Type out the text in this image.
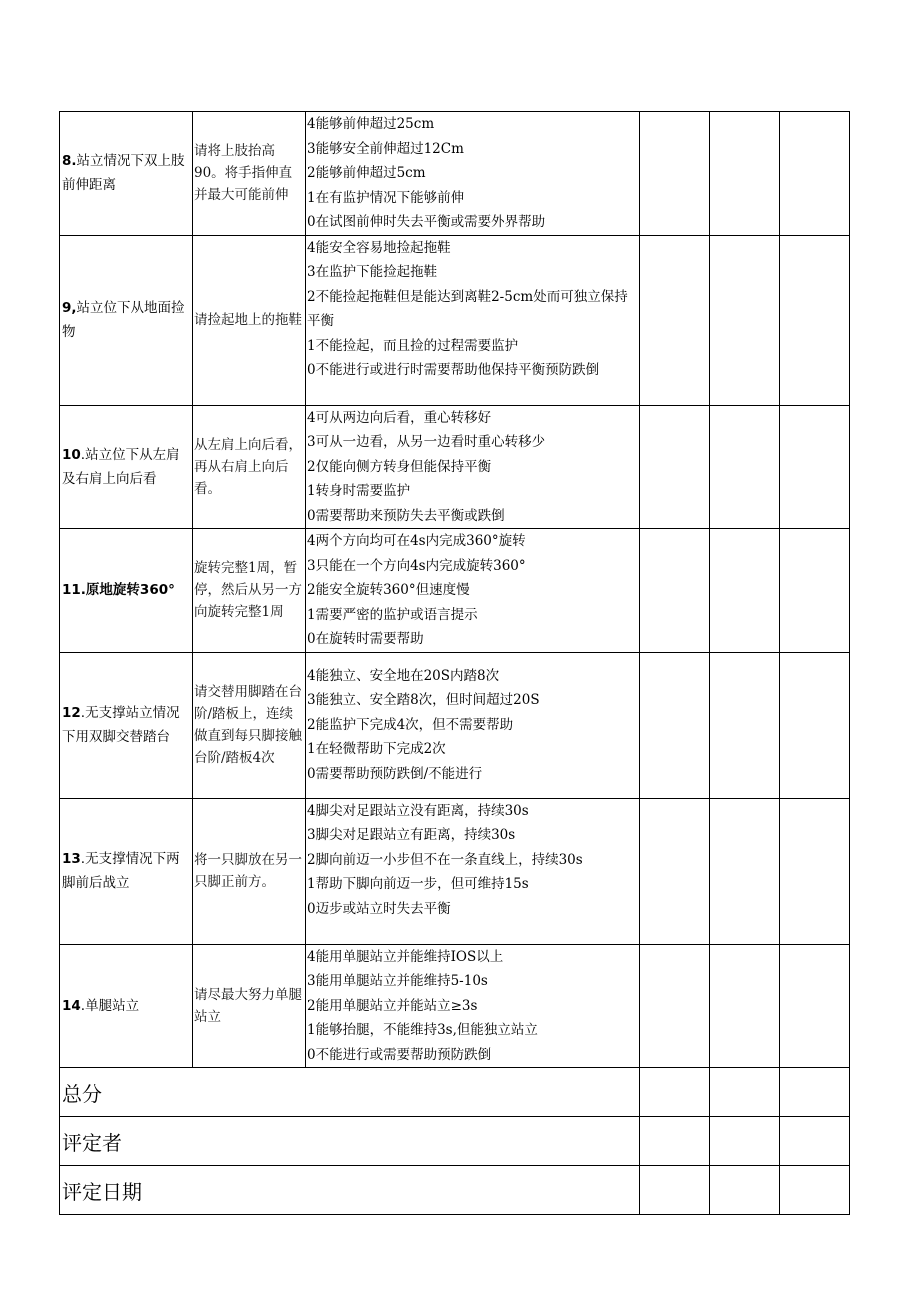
8.站立情况下双上肢前伸距离	请将上肢抬高90。将手指伸直并最大可能前伸	4能够前伸超过25cm
3能够安全前伸超过12Cm
2能够前伸超过5cm
1在有监护情况下能够前伸
0在试图前伸时失去平衡或需要外界帮助			

9,站立位下从地面捡物	请捡起地上的拖鞋	4能安全容易地捡起拖鞋
3在监护下能捡起拖鞋
2不能捡起拖鞋但是能达到离鞋2-5cm处而可独立保持平衡
1不能捡起，而且捡的过程需要监护
0不能进行或进行时需要帮助他保持平衡预防跌倒			

10.站立位下从左肩及右肩上向后看	从左肩上向后看，再从右肩上向后看。	4可从两边向后看，重心转移好
3可从一边看，从另一边看时重心转移少
2仅能向侧方转身但能保持平衡
1转身时需要监护
0需要帮助来预防失去平衡或跌倒			

11.原地旋转360°	旋转完整1周，暂停，然后从另一方向旋转完整1周	4两个方向均可在4s内完成360°旋转
3只能在一个方向4s内完成旋转360°
2能安全旋转360°但速度慢
1需要严密的监护或语言提示
0在旋转时需要帮助			

12.无支撑站立情况下用双脚交替踏台	请交替用脚踏在台阶/踏板上，连续做直到每只脚接触台阶/踏板4次	4能独立、安全地在20S内踏8次
3能独立、安全踏8次，但时间超过20S
2能监护下完成4次，但不需要帮助
1在轻微帮助下完成2次
0需要帮助预防跌倒/不能进行			

13.无支撑情况下两脚前后战立	将一只脚放在另一只脚正前方。	4脚尖对足跟站立没有距离，持续30s
3脚尖对足跟站立有距离，持续30s
2脚向前迈一小步但不在一条直线上，持续30s
1帮助下脚向前迈一步，但可维持15s
0迈步或站立时失去平衡			

14.单腿站立	请尽最大努力单腿站立	4能用单腿站立并能维持IOS以上
3能用单腿站立并能维持5-10s
2能用单腿站立并能站立≥3s
1能够抬腿，不能维持3s,但能独立站立
0不能进行或需要帮助预防跌倒			

总分					
评定者					
评定日期					
